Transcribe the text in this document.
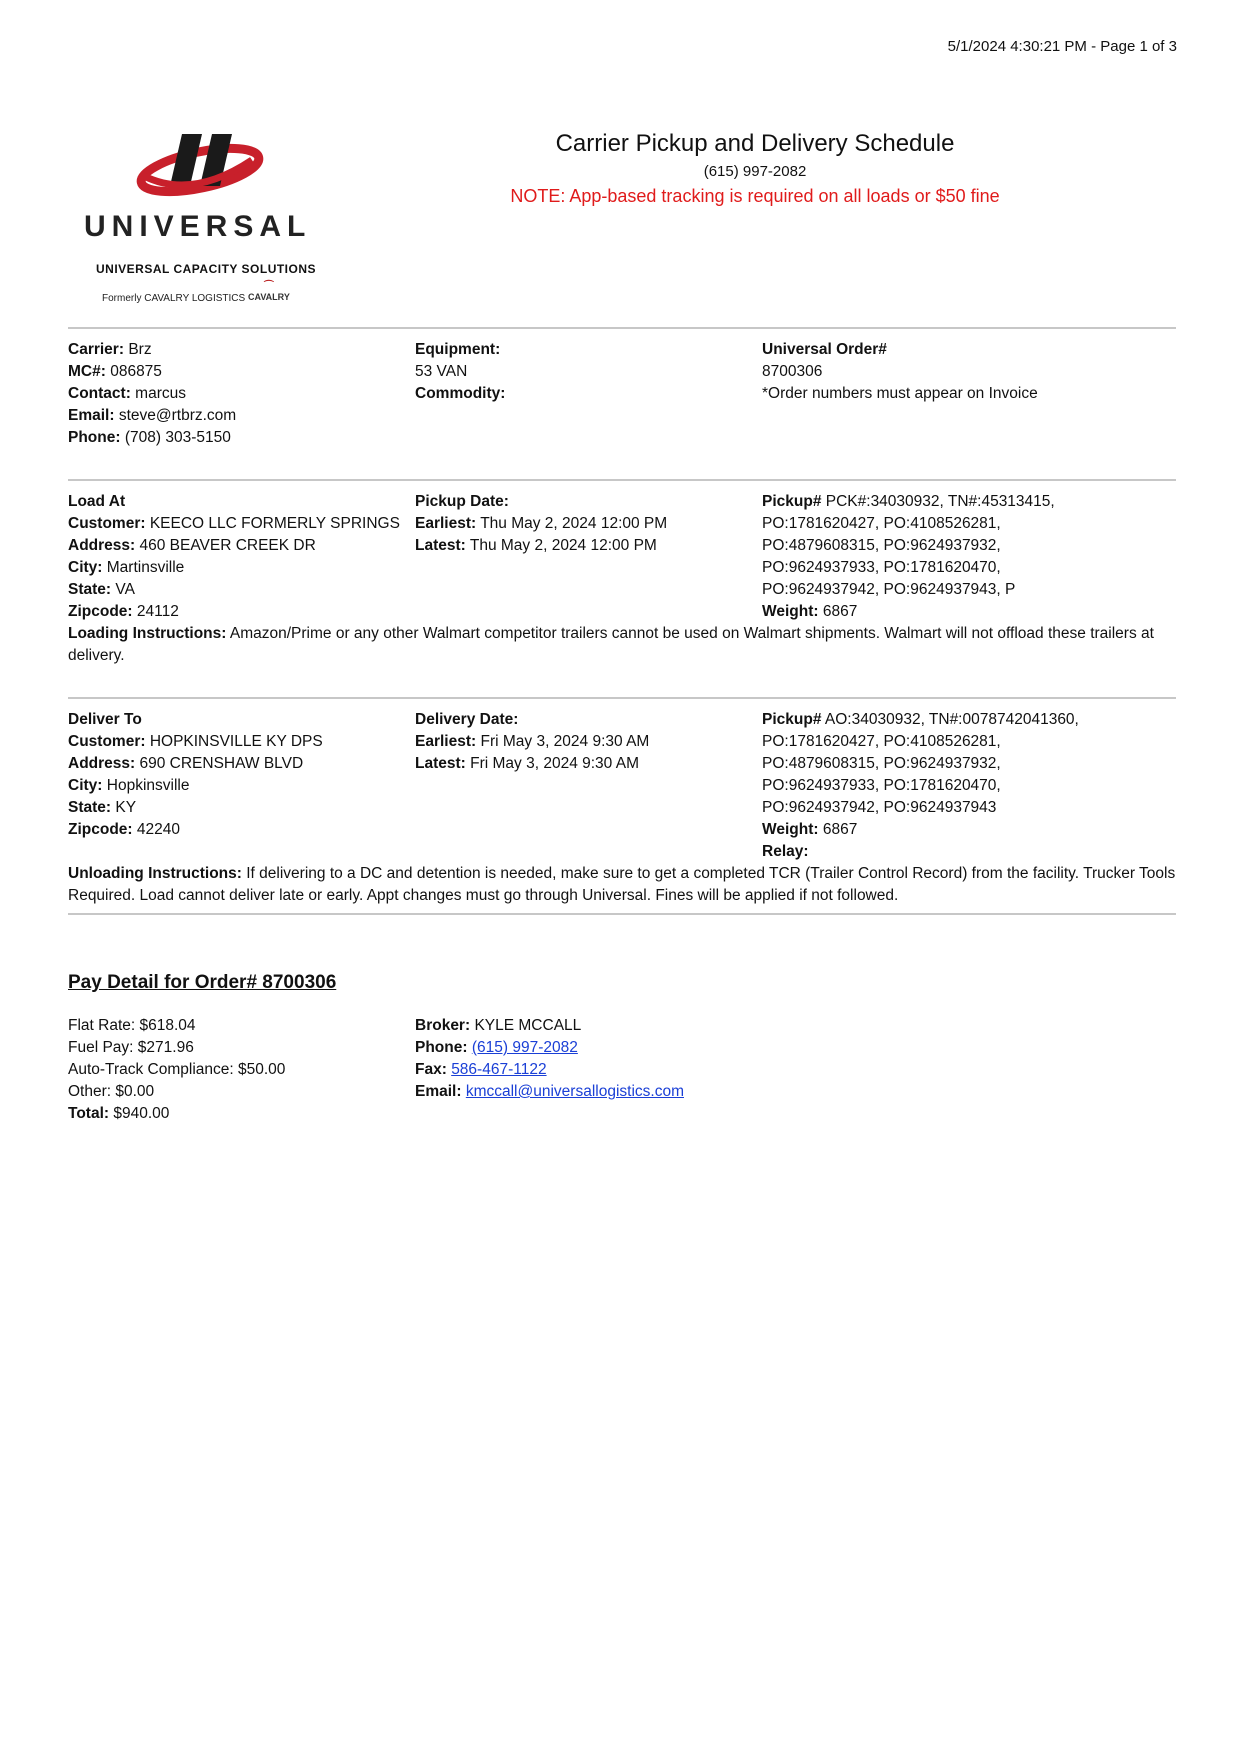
5/1/2024 4:30:21 PM - Page 1 of 3
UNIVERSAL
UNIVERSAL CAPACITY SOLUTIONS
Formerly CAVALRY LOGISTICS
⌒
CAVALRY
Carrier Pickup and Delivery Schedule
(615) 997-2082
NOTE: App-based tracking is required on all loads or $50 fine
Carrier: Brz
MC#: 086875
Contact: marcus
Email: steve@rtbrz.com
Phone: (708) 303-5150
Equipment:
53 VAN
Commodity:
Universal Order#
8700306
*Order numbers must appear on Invoice
Load At
Customer: KEECO LLC FORMERLY SPRINGS
Address: 460 BEAVER CREEK DR
City: Martinsville
State: VA
Zipcode: 24112
Pickup Date:
Earliest: Thu May 2, 2024 12:00 PM
Latest: Thu May 2, 2024 12:00 PM
Pickup# PCK#:34030932, TN#:45313415,
PO:1781620427, PO:4108526281,
PO:4879608315, PO:9624937932,
PO:9624937933, PO:1781620470,
PO:9624937942, PO:9624937943, P
Weight: 6867
Loading Instructions: Amazon/Prime or any other Walmart competitor trailers cannot be used on Walmart shipments. Walmart will not offload these trailers at delivery.
Deliver To
Customer: HOPKINSVILLE KY DPS
Address: 690 CRENSHAW BLVD
City: Hopkinsville
State: KY
Zipcode: 42240
Delivery Date:
Earliest: Fri May 3, 2024 9:30 AM
Latest: Fri May 3, 2024 9:30 AM
Pickup# AO:34030932, TN#:0078742041360,
PO:1781620427, PO:4108526281,
PO:4879608315, PO:9624937932,
PO:9624937933, PO:1781620470,
PO:9624937942, PO:9624937943
Weight: 6867
Relay:
Unloading Instructions: If delivering to a DC and detention is needed, make sure to get a completed TCR (Trailer Control Record) from the facility. Trucker Tools Required. Load cannot deliver late or early. Appt changes must go through Universal. Fines will be applied if not followed.
Pay Detail for Order# 8700306
Flat Rate: $618.04
Fuel Pay: $271.96
Auto-Track Compliance: $50.00
Other: $0.00
Total: $940.00
Broker: KYLE MCCALL
Phone: (615) 997-2082
Fax: 586-467-1122
Email: kmccall@universallogistics.com
